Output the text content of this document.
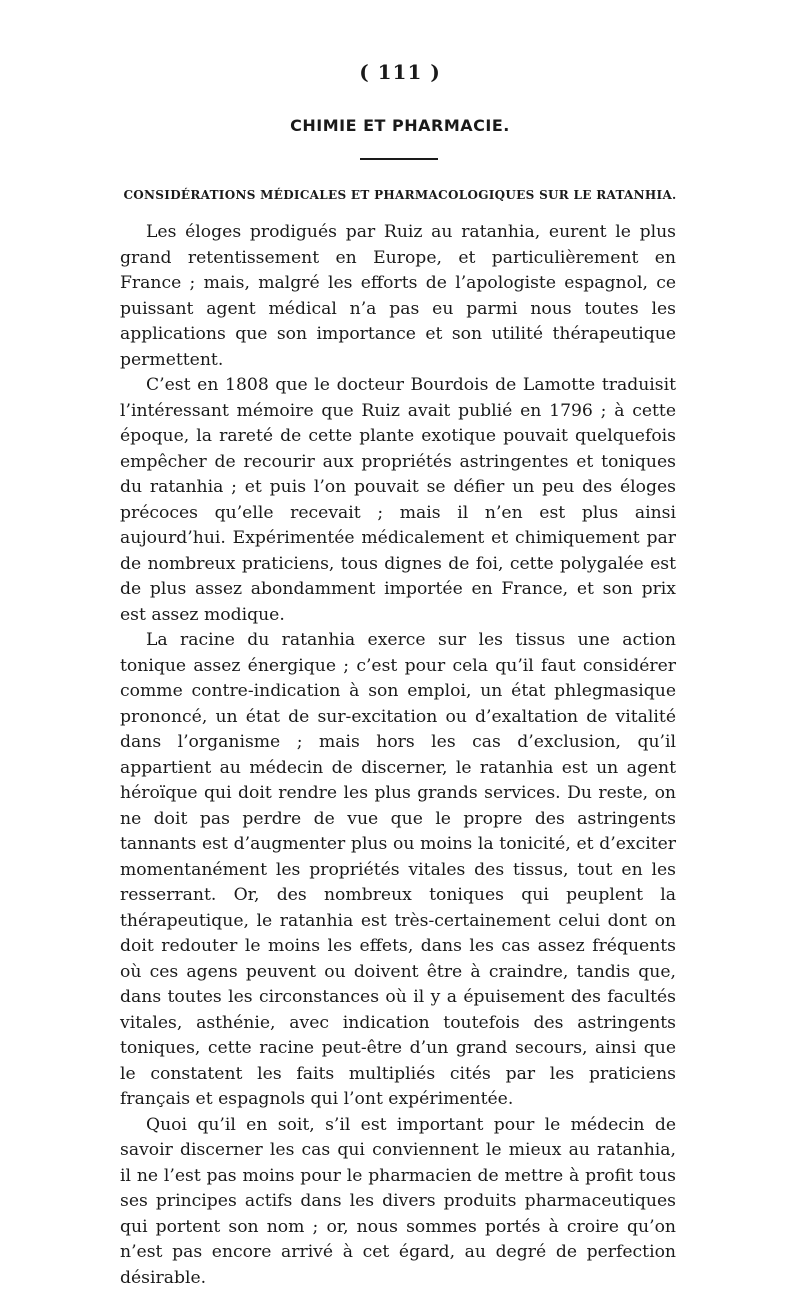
( 111 )
CHIMIE ET PHARMACIE.
CONSIDÉRATIONS MÉDICALES ET PHARMACOLOGIQUES SUR LE RATANHIA.

Les éloges prodigués par Ruiz au ratanhia, eurent le plus grand retentissement en Europe, et particulièrement en France ; mais, malgré les efforts de l’apologiste espagnol, ce puissant agent médical n’a pas eu parmi nous toutes les applications que son importance et son utilité thérapeutique permettent.

C’est en 1808 que le docteur Bourdois de Lamotte traduisit l’intéressant mémoire que Ruiz avait publié en 1796 ; à cette époque, la rareté de cette plante exotique pouvait quelquefois empêcher de recourir aux propriétés astringentes et toniques du ratanhia ; et puis l’on pouvait se défier un peu des éloges précoces qu’elle recevait ; mais il n’en est plus ainsi aujourd’hui. Expérimentée médicalement et chimiquement par de nombreux praticiens, tous dignes de foi, cette polygalée est de plus assez abondamment importée en France, et son prix est assez modique.

La racine du ratanhia exerce sur les tissus une action tonique assez énergique ; c’est pour cela qu’il faut considérer comme contre-indication à son emploi, un état phlegmasique prononcé, un état de sur-excitation ou d’exaltation de vitalité dans l’organisme ; mais hors les cas d’exclusion, qu’il appartient au médecin de discerner, le ratanhia est un agent héroïque qui doit rendre les plus grands services. Du reste, on ne doit pas perdre de vue que le propre des astringents tannants est d’augmenter plus ou moins la tonicité, et d’exciter momentanément les propriétés vitales des tissus, tout en les resserrant. Or, des nombreux toniques qui peuplent la thérapeutique, le ratanhia est très-certainement celui dont on doit redouter le moins les effets, dans les cas assez fréquents où ces agens peuvent ou doivent être à craindre, tandis que, dans toutes les circonstances où il y a épuisement des facultés vitales, asthénie, avec indication toutefois des astringents toniques, cette racine peut-être d’un grand secours, ainsi que le constatent les faits multipliés cités par les praticiens français et espagnols qui l’ont expérimentée.

Quoi qu’il en soit, s’il est important pour le médecin de savoir discerner les cas qui conviennent le mieux au ratanhia, il ne l’est pas moins pour le pharmacien de mettre à profit tous ses principes actifs dans les divers produits pharmaceutiques qui portent son nom ; or, nous sommes portés à croire qu’on n’est pas encore arrivé à cet égard, au degré de perfection désirable.
